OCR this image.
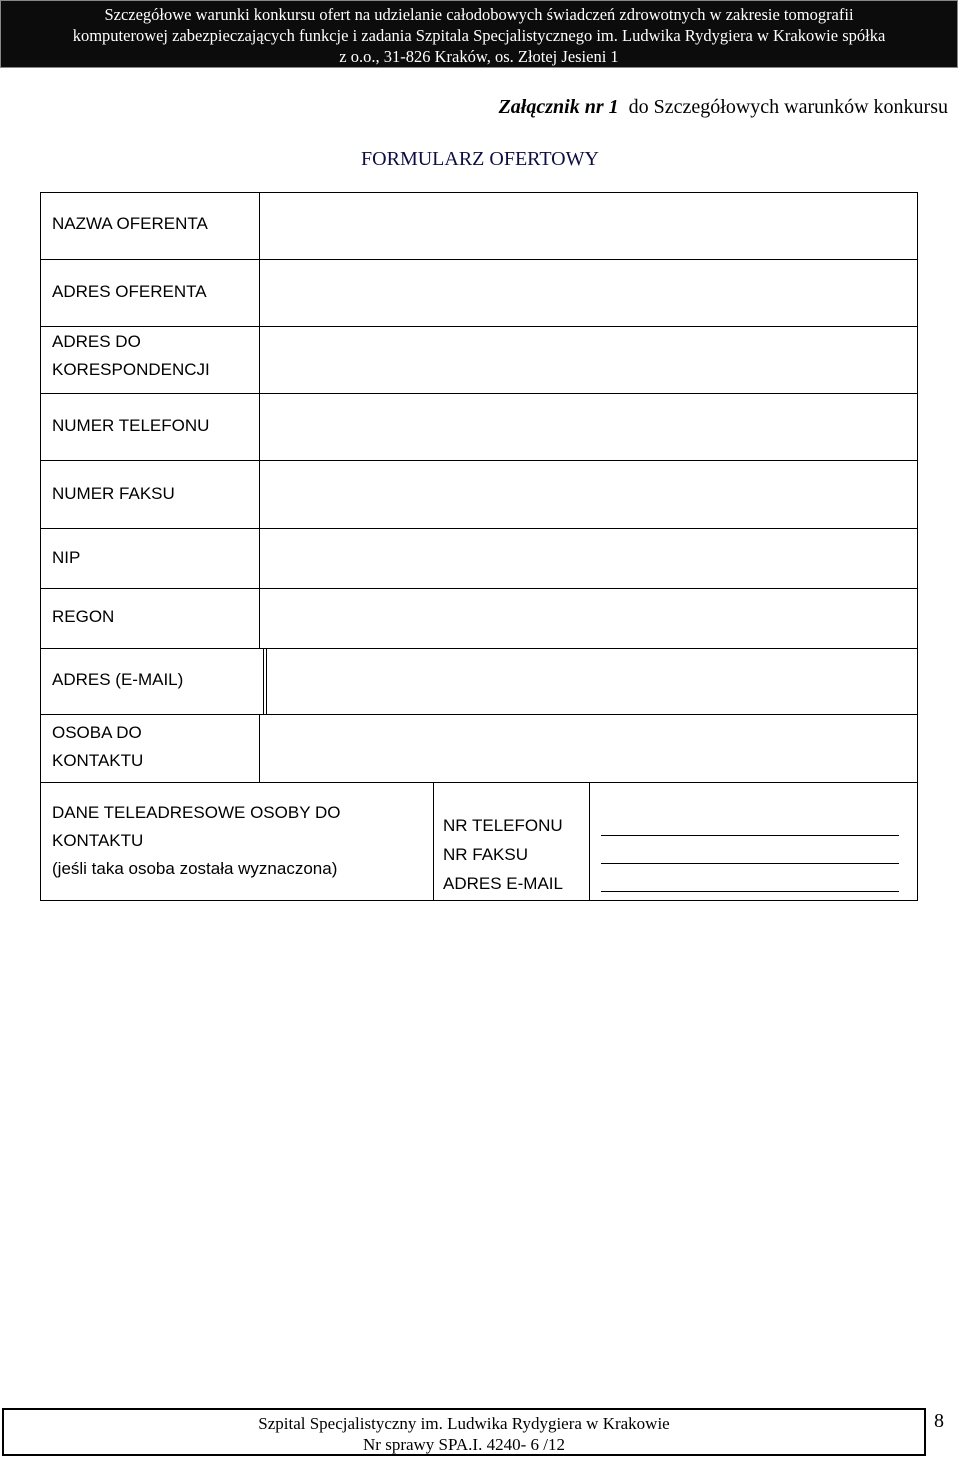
Szczegółowe warunki konkursu ofert na udzielanie całodobowych świadczeń zdrowotnych w zakresie tomografii
komputerowej zabezpieczających funkcje i zadania Szpitala Specjalistycznego im. Ludwika Rydygiera w Krakowie spółka
z o.o., 31-826 Kraków, os. Złotej Jesieni 1
Załącznik nr 1 do Szczegółowych warunków konkursu
FORMULARZ OFERTOWY
NAZWA OFERENTA
ADRES OFERENTA
ADRES DO
KORESPONDENCJI
NUMER TELEFONU
NUMER FAKSU
NIP
REGON
ADRES (E-MAIL)
OSOBA DO
KONTAKTU
DANE TELEADRESOWE OSOBY DO
KONTAKTU
(jeśli taka osoba została wyznaczona)
NR TELEFONU
NR FAKSU
ADRES E-MAIL
Szpital Specjalistyczny im. Ludwika Rydygiera w Krakowie
Nr sprawy SPA.I. 4240- 6 /12
8
